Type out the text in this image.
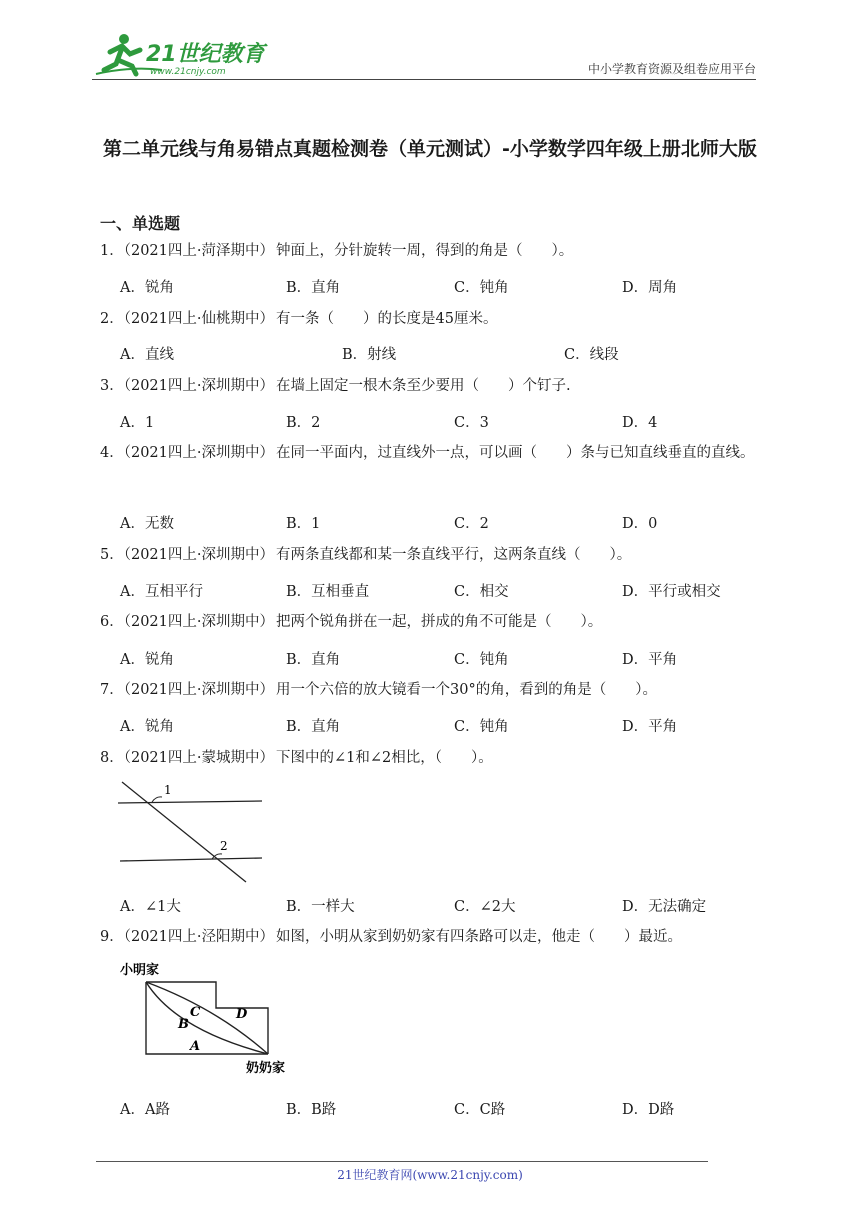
21世纪教育
www.21cnjy.com	中小学教育资源及组卷应用平台
第二单元线与角易错点真题检测卷（单元测试）-小学数学四年级上册北师大版
一、单选题
1．（2021四上·菏泽期中） 钟面上，分针旋转一周，得到的角是（　　）。
A．锐角	B．直角	C．钝角	D．周角
2．（2021四上·仙桃期中） 有一条（　　）的长度是45厘米。
A．直线	B．射线	C．线段
3．（2021四上·深圳期中） 在墙上固定一根木条至少要用（　　）个钉子.
A．1	B．2	C．3	D．4
4．（2021四上·深圳期中） 在同一平面内，过直线外一点，可以画（　　）条与已知直线垂直的直线。
A．无数	B．1	C．2	D．0
5．（2021四上·深圳期中） 有两条直线都和某一条直线平行，这两条直线（　　）。
A．互相平行	B．互相垂直	C．相交	D．平行或相交
6．（2021四上·深圳期中） 把两个锐角拼在一起，拼成的角不可能是（　　）。
A．锐角	B．直角	C．钝角	D．平角
7．（2021四上·深圳期中） 用一个六倍的放大镜看一个30°的角，看到的角是（　　）。
A．锐角	B．直角	C．钝角	D．平角
8．（2021四上·蒙城期中） 下图中的∠1和∠2相比，（　　）。
1
2
A．∠1大	B．一样大	C．∠2大	D．无法确定
9．（2021四上·泾阳期中） 如图，小明从家到奶奶家有四条路可以走，他走（　　）最近。
小明家
C	D
B
A
奶奶家
A．A路	B．B路	C．C路	D．D路
21世纪教育网(www.21cnjy.com)
